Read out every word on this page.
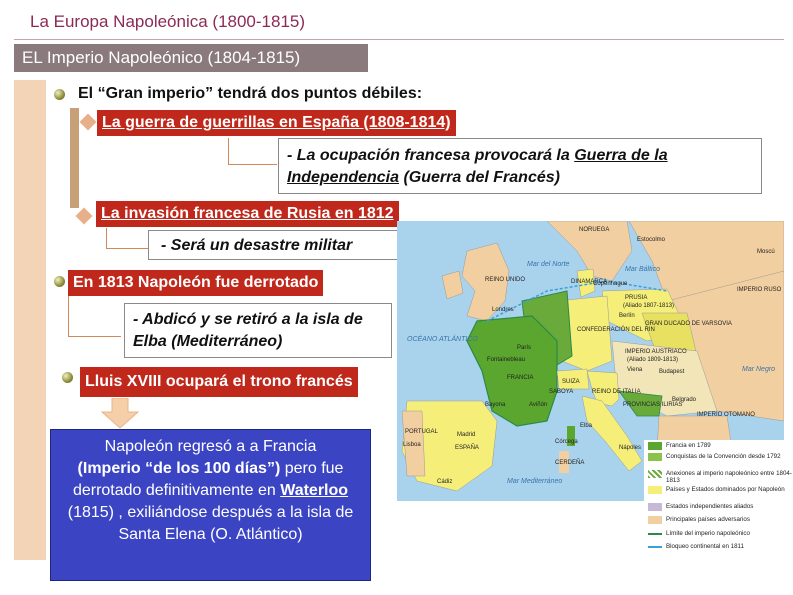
La Europa Napoleónica (1800-1815)
EL Imperio Napoleónico (1804-1815)
El “Gran imperio” tendrá dos puntos débiles:
La guerra de guerrillas en España (1808-1814)
- La ocupación francesa provocará la Guerra de la Independencia (Guerra del Francés)
La invasión francesa de Rusia en 1812
- Será un desastre militar
En 1813 Napoleón fue derrotado
- Abdicó y se retiró a la isla de Elba (Mediterráneo)
Lluis XVIII ocupará el trono francés
Napoleón regresó a a Francia
(Imperio “de los 100 días”) pero fue derrotado definitivamente en Waterloo (1815) , exiliándose después a la isla de Santa Elena (O. Atlántico)
NORUEGA
Estocolmo
Mar del Norte
REINO UNIDO	DINAMARCA
Copenhague
PRUSIA
(Aliado 1807-1813)
Berlín
GRAN DUCADO DE VARSOVIA
IMPERIO RUSO
Moscú
Londres
CONFEDERACIÓN DEL RIN
OCÉANO ATLÁNTICO
París
Fontainebleau
FRANCIA
IMPERIO AUSTRIACO
(Aliado 1809-1813)
Viena	Budapest
SUIZA
REINO DE ITALIA
PROVINCIAS ILIRIAS
Bayona	Aviñón
SABOYA
Belgrado
IMPERIO OTOMANO
Madrid
ESPAÑA
PORTUGAL
Lisboa
CERDEÑA
Nápoles
Mar Mediterráneo
Cádiz
Elba
Córcega
Mar Negro
Mar Báltico
Francia en 1789
Conquistas de la Convención desde 1792
Anexiones al imperio napoleónico entre 1804-1813
Países y Estados dominados por Napoleón
Estados independientes aliados
Principales países adversarios
Límite del imperio napoleónico
Bloqueo continental en 1811
